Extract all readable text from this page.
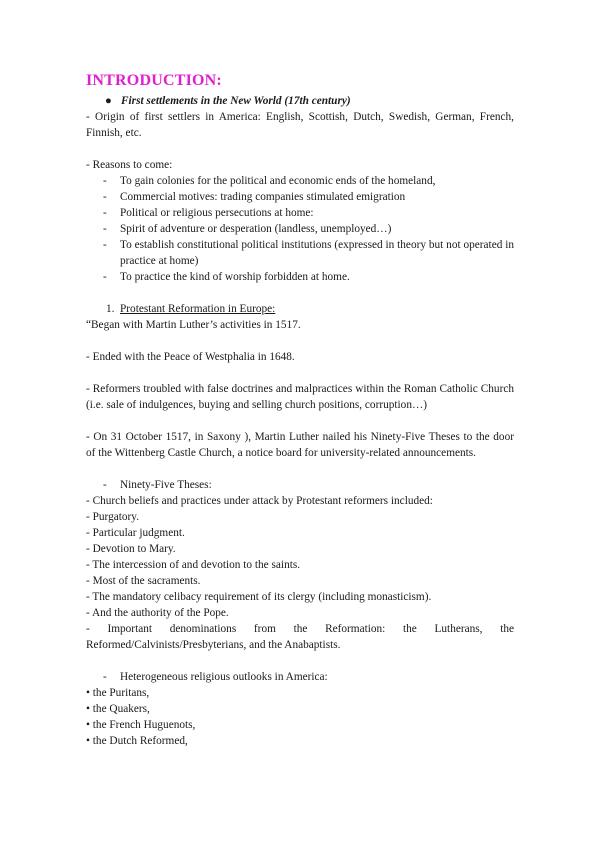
INTRODUCTION:
● First settlements in the New World (17th century)

- Origin of first settlers in America: English, Scottish, Dutch, Swedish, German, French, Finnish, etc.

- Reasons to come:

- To gain colonies for the political and economic ends of the homeland,
- Commercial motives: trading companies stimulated emigration
- Political or religious persecutions at home:
- Spirit of adventure or desperation (landless, unemployed…)
- To establish constitutional political institutions (expressed in theory but not operated in practice at home)
- To practice the kind of worship forbidden at home.
1. Protestant Reformation in Europe:

“Began with Martin Luther’s activities in 1517.

- Ended with the Peace of Westphalia in 1648.

- Reformers troubled with false doctrines and malpractices within the Roman Catholic Church (i.e. sale of indulgences, buying and selling church positions, corruption…)

- On 31 October 1517, in Saxony ), Martin Luther nailed his Ninety-Five Theses to the door of the Wittenberg Castle Church, a notice board for university-related announcements.

- Ninety-Five Theses:

- Church beliefs and practices under attack by Protestant reformers included:

- Purgatory.

- Particular judgment.

- Devotion to Mary.

- The intercession of and devotion to the saints.

- Most of the sacraments.

- The mandatory celibacy requirement of its clergy (including monasticism).

- And the authority of the Pope.

- Important denominations from the Reformation: the Lutherans, the Reformed/Calvinists/Presbyterians, and the Anabaptists.

- Heterogeneous religious outlooks in America:

• the Puritans,

• the Quakers,

• the French Huguenots,

• the Dutch Reformed,
